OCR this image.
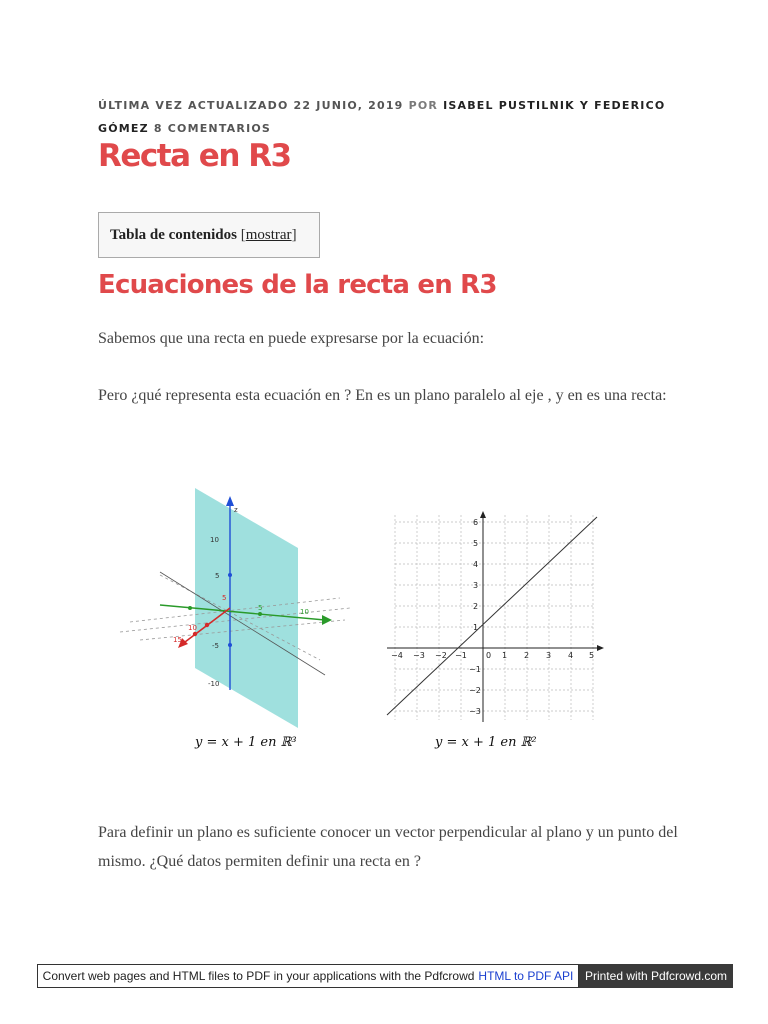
ÚLTIMA VEZ ACTUALIZADO 22 JUNIO, 2019 POR ISABEL PUSTILNIK Y FEDERICO GÓMEZ 8 COMENTARIOS
Recta en R3
Tabla de contenidos
[ mostrar ]
Ecuaciones de la recta en R3

Sabemos que una recta en puede expresarse por la ecuación:

Pero ¿qué representa esta ecuación en ? En es un plano paralelo al eje , y en es una recta:

z
10
5
-5
-10
5	10
5
10
15
−4 −3 −2 −1 0 1 2 3 4 5
6
5
4
3
2
1
−1
−2
−3
y = x + 1 en ℝ³	y = x + 1 en ℝ²

Para definir un plano es suficiente conocer un vector perpendicular al plano y un punto del mismo. ¿Qué datos permiten definir una recta en ?

Convert web pages and HTML files to PDF in your applications with the Pdfcrowd HTML to PDF API Printed with Pdfcrowd.com
